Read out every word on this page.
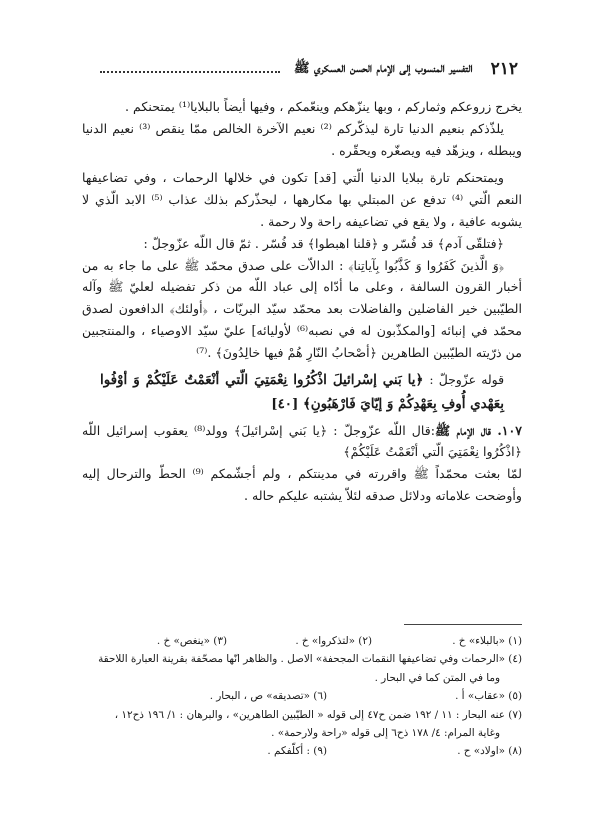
٢١٢
التفسير المنسوب إلى الإمام الحسن العسكري ﷺ

يخرج زروعكم وثماركم ، وبها ينزّهكم وينعّمكم ، وفيها أيضاً بالبلايا⁽¹⁾ يمتحنكم .

يلذّذكم بنعيم الدنيا تارة ليذكّركم ⁽²⁾ نعيم الآخرة الخالص ممّا ينقص ⁽³⁾ نعيم الدنيا ويبطله ، ويزهّد فيه ويصغّره ويحقّره .

ويمتحنكم تارة ببلايا الدنيا الّتي [قد] تكون في خلالها الرحمات ، وفي تضاعيفها النعم الّتي ⁽⁴⁾ تدفع عن المبتلي بها مكارهها ، ليحذّركم بذلك عذاب ⁽⁵⁾ الابد الّذي لا يشوبه عافية ، ولا يقع في تضاعيفه راحة ولا رحمة .

﴿فتلقّى آدم﴾ قد فُسّر و ﴿قلنا اهبطوا﴾ قد فُسّر . ثمّ قال اللّه عزّوجلّ :

﴿وَ الَّذينَ كَفَرُوا وَ كَذَّبُوا بِآياتِنا﴾ : الدالاّت على صدق محمّد ﷺ على ما جاء به من أخبار القرون السالفة ، وعلى ما أدّاه إلى عباد اللّه من ذكر تفضيله لعليّ ﷺ وآله الطيّبين خير الفاضلين والفاضلات بعد محمّد سيّد البريّات ، ﴿أولئك﴾ الدافعون لصدق محمّد في إنبائه [والمكذّبون له في نصبه⁽⁶⁾ لأوليائه] عليّ سيّد الاوصياء ، والمنتجبين من ذرّيته الطيّبين الطاهرين ﴿أصْحابُ النّارِ هُمْ فيها خالِدُونَ﴾ .⁽⁷⁾

قوله عزّوجلّ : ﴿يا بَني إسْرائيلَ اذْكُرُوا نِعْمَتِيَ الّتي أنْعَمْتُ عَلَيْكُمْ وَ أوْفُوا بِعَهْدي أُوفِ بِعَهْدِكُمْ وَ إيّايَ فَارْهَبُونِ﴾ [٤٠]

١٠٧. قال الإمام ﷺ:قال اللّه عزّوجلّ : ﴿يا بَني إسْرائيلَ﴾ وولد⁽⁸⁾ يعقوب إسرائيل اللّه ﴿اذْكُرُوا نِعْمَتِيَ الّتي أنْعَمْتُ عَلَيْكُمْ﴾

لمّا بعثت محمّداً ﷺ واقررته في مدينتكم ، ولم أجشّمكم ⁽⁹⁾ الحطّ والترحال إليه وأوضحت علاماته ودلائل صدقه لئلاّ يشتبه عليكم حاله .

(١) «بالبلاء» خ .
(٢) «لتذكروا» خ .
(٣) «ينغص» خ .
(٤) «الرحمات وفي تضاعيفها النقمات المجحفة» الاصل . والظاهر انّها مصحّفة بقرينة العبارة اللاحقة
وما في المتن كما في البحار .
(٥) «عقاب» أ .
(٦) «تصديقه» ص ، البحار .
(٧) عنه البحار : ١١ / ١٩٢ ضمن ح٤٧ إلى قوله « الطيّبين الطاهرين» ، والبرهان : ١/ ١٩٦ ذح١٢ ،
وغاية المرام: ٤/ ١٧٨ ذح٦ إلى قوله «راحة ولارحمة» .
(٨) «اولاد» ح .
(٩) : أكلّفكم .
